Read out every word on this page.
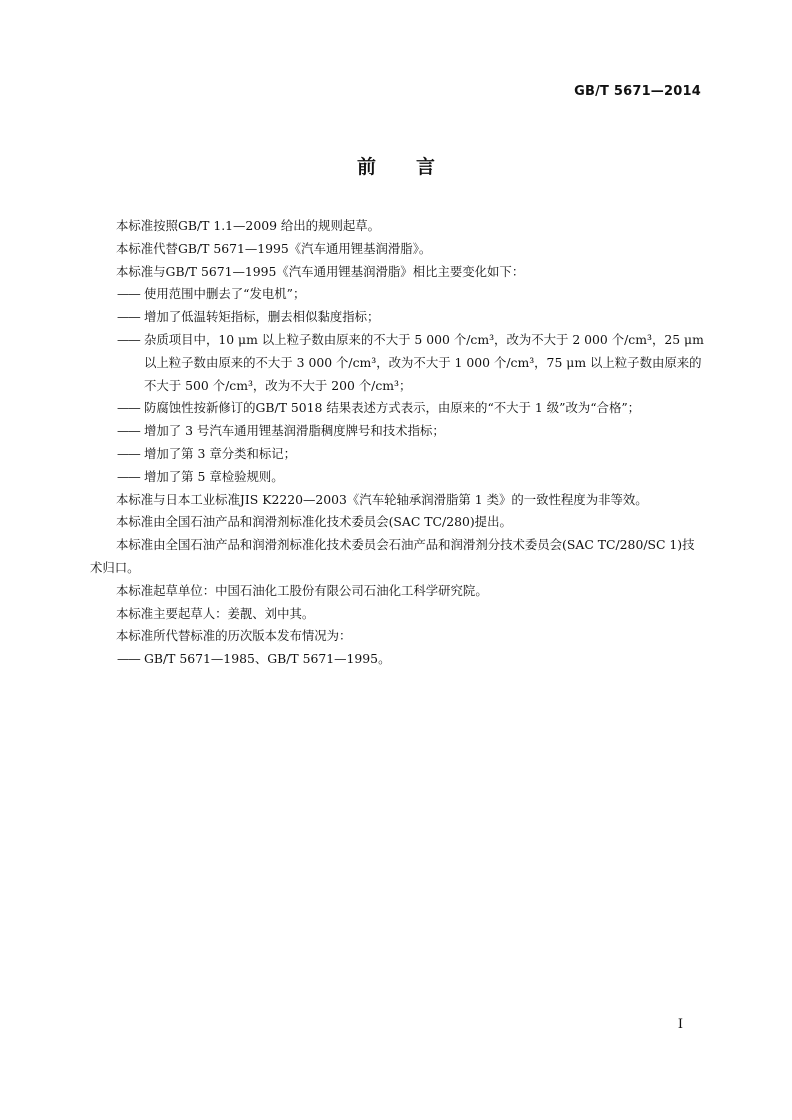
GB/T 5671—2014
前言

本标准按照GB/T 1.1—2009 给出的规则起草。

本标准代替GB/T 5671—1995《汽车通用锂基润滑脂》。

本标准与GB/T 5671—1995《汽车通用锂基润滑脂》相比主要变化如下：

—— 使用范围中删去了“发电机”；

—— 增加了低温转矩指标，删去相似黏度指标；

—— 杂质项目中，10 μm 以上粒子数由原来的不大于 5 000 个/cm³，改为不大于 2 000 个/cm³，25 μm 以上粒子数由原来的不大于 3 000 个/cm³，改为不大于 1 000 个/cm³，75 μm 以上粒子数由原来的不大于 500 个/cm³，改为不大于 200 个/cm³；

—— 防腐蚀性按新修订的GB/T 5018 结果表述方式表示，由原来的“不大于 1 级”改为“合格”；

—— 增加了 3 号汽车通用锂基润滑脂稠度牌号和技术指标；

—— 增加了第 3 章分类和标记；

—— 增加了第 5 章检验规则。

本标准与日本工业标准JIS K2220—2003《汽车轮轴承润滑脂第 1 类》的一致性程度为非等效。

本标准由全国石油产品和润滑剂标准化技术委员会(SAC TC/280)提出。

本标准由全国石油产品和润滑剂标准化技术委员会石油产品和润滑剂分技术委员会(SAC TC/280/SC 1)技术归口。

本标准起草单位：中国石油化工股份有限公司石油化工科学研究院。

本标准主要起草人：姜靓、刘中其。

本标准所代替标准的历次版本发布情况为：

—— GB/T 5671—1985、GB/T 5671—1995。

I
